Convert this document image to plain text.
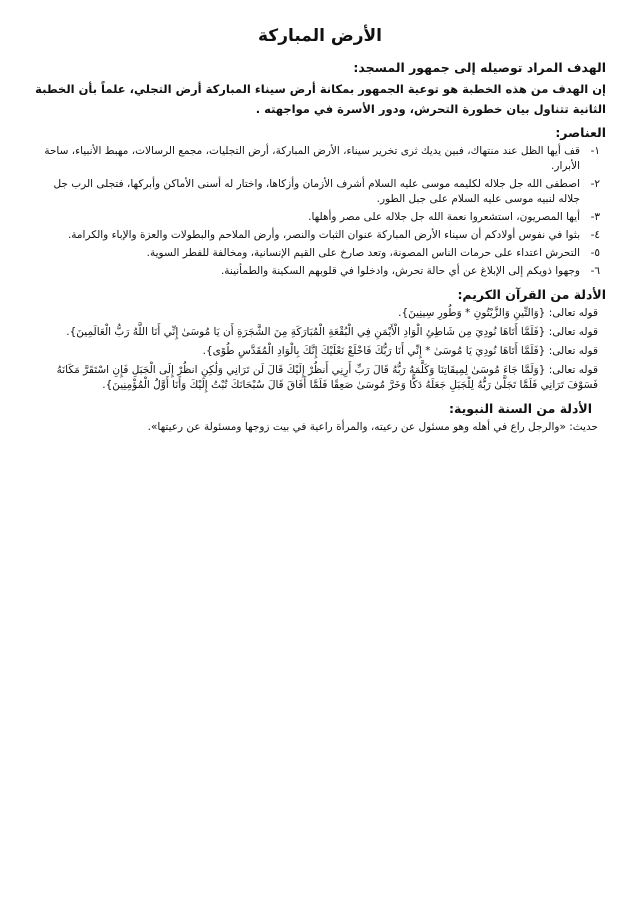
الأرض المباركة
الهدف المراد توصيله إلى جمهور المسجد:
إن الهدف من هذه الخطبة هو توعية الجمهور بمكانة أرض سيناء المباركة أرض التجلي، علماً بأن الخطبة الثانية تتناول بيان خطورة التحرش، ودور الأسرة في مواجهته .
العناصر:
١-
قف أيها الظل عند منتهاك، فبين يديك ثرى تخرير سيناء، الأرض المباركة، أرض التجليات، مجمع الرسالات، مهبط الأنبياء، ساحة الأبرار.
٢-
اصطفى الله جل جلاله لكليمه موسى عليه السلام أشرف الأزمان وأزكاها، واختار له أسنى الأماكن وأبركها، فتجلى الرب جل جلاله لنبيه موسى عليه السلام على جبل الطور.
٣-
أيها المصريون، استشعروا نعمة الله جل جلاله على مصر وأهلها.
٤-
بثوا في نفوس أولادكم أن سيناء الأرض المباركة عنوان الثبات والنصر، وأرض الملاحم والبطولات والعزة والإباء والكرامة.
٥-
التحرش اعتداء على حرمات الناس المصونة، وتعد صارخ على القيم الإنسانية، ومخالفة للفطر السوية.
٦-
وجهوا ذويكم إلى الإبلاغ عن أي حالة تحرش، وادخلوا في قلوبهم السكينة والطمأنينة.
الأدلة من القرآن الكريم:
قوله تعالى: {وَالتِّينِ وَالزَّيْتُونِ * وَطُورِ سِينِينَ}.
قوله تعالى: {فَلَمَّا أَتَاهَا نُودِيَ مِن شَاطِئِ الْوَادِ الْأَيْمَنِ فِي الْبُقْعَةِ الْمُبَارَكَةِ مِنَ الشَّجَرَةِ أَن يَا مُوسَىٰ إِنِّي أَنَا اللَّهُ رَبُّ الْعَالَمِينَ}.
قوله تعالى: {فَلَمَّا أَتَاهَا نُودِيَ يَا مُوسَىٰ * إِنِّي أَنَا رَبُّكَ فَاخْلَعْ نَعْلَيْكَ إِنَّكَ بِالْوَادِ الْمُقَدَّسِ طُوًى}.
قوله تعالى: {وَلَمَّا جَاءَ مُوسَىٰ لِمِيقَاتِنَا وَكَلَّمَهُ رَبُّهُ قَالَ رَبِّ أَرِنِي أَنظُرْ إِلَيْكَ قَالَ لَن تَرَانِي وَلَٰكِنِ انظُرْ إِلَى الْجَبَلِ فَإِنِ اسْتَقَرَّ مَكَانَهُ فَسَوْفَ تَرَانِي فَلَمَّا تَجَلَّىٰ رَبُّهُ لِلْجَبَلِ جَعَلَهُ دَكًّا وَخَرَّ مُوسَىٰ صَعِقًا فَلَمَّا أَفَاقَ قَالَ سُبْحَانَكَ تُبْتُ إِلَيْكَ وَأَنَا أَوَّلُ الْمُؤْمِنِينَ}.
الأدلة من السنة النبوية:
حديث: «والرجل راع في أهله وهو مسئول عن رعيته، والمرأة راعية في بيت زوجها ومسئولة عن رعيتها».
